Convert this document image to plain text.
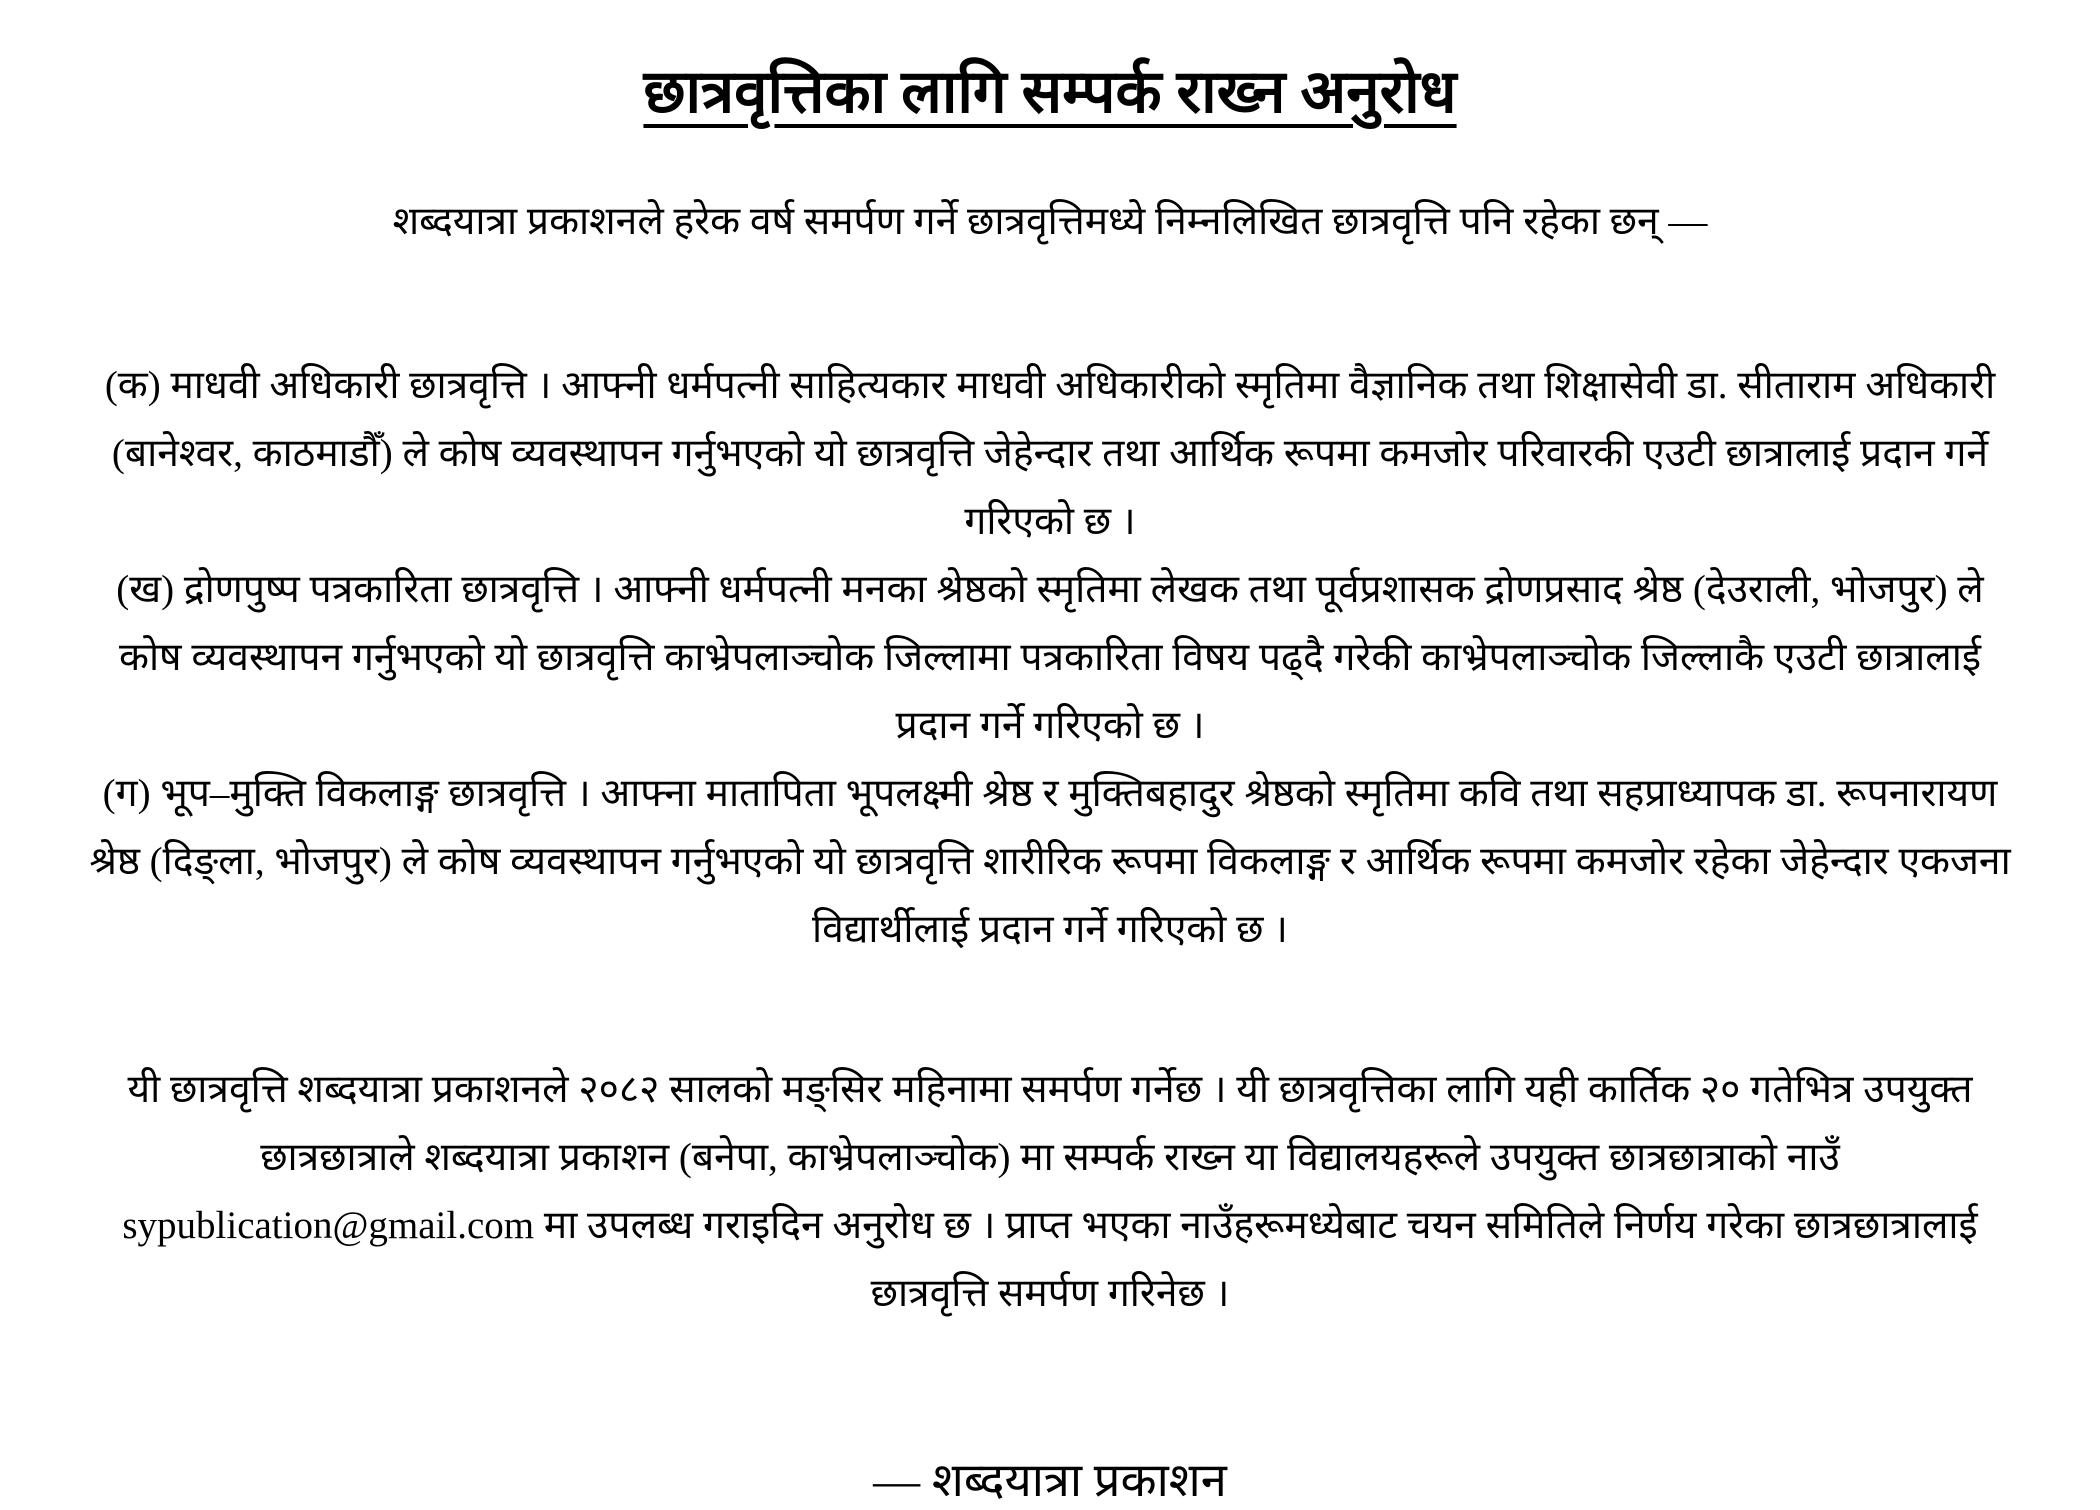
छात्रवृत्तिका लागि सम्पर्क राख्न अनुरोध

शब्दयात्रा प्रकाशनले हरेक वर्ष समर्पण गर्ने छात्रवृत्तिमध्ये निम्नलिखित छात्रवृत्ति पनि रहेका छन् —

(क) माधवी अधिकारी छात्रवृत्ति । आफ्नी धर्मपत्नी साहित्यकार माधवी अधिकारीको स्मृतिमा वैज्ञानिक तथा शिक्षासेवी डा. सीताराम अधिकारी (बानेश्वर, काठमाडौँ) ले कोष व्यवस्थापन गर्नुभएको यो छात्रवृत्ति जेहेन्दार तथा आर्थिक रूपमा कमजोर परिवारकी एउटी छात्रालाई प्रदान गर्ने गरिएको छ ।

(ख) द्रोणपुष्प पत्रकारिता छात्रवृत्ति । आफ्नी धर्मपत्नी मनका श्रेष्ठको स्मृतिमा लेखक तथा पूर्वप्रशासक द्रोणप्रसाद श्रेष्ठ (देउराली, भोजपुर) ले कोष व्यवस्थापन गर्नुभएको यो छात्रवृत्ति काभ्रेपलाञ्चोक जिल्लामा पत्रकारिता विषय पढ्दै गरेकी काभ्रेपलाञ्चोक जिल्लाकै एउटी छात्रालाई प्रदान गर्ने गरिएको छ ।

(ग) भूप–मुक्ति विकलाङ्ग छात्रवृत्ति । आफ्ना मातापिता भूपलक्ष्मी श्रेष्ठ र मुक्तिबहादुर श्रेष्ठको स्मृतिमा कवि तथा सहप्राध्यापक डा. रूपनारायण श्रेष्ठ (दिङ्ला, भोजपुर) ले कोष व्यवस्थापन गर्नुभएको यो छात्रवृत्ति शारीरिक रूपमा विकलाङ्ग र आर्थिक रूपमा कमजोर रहेका जेहेन्दार एकजना विद्यार्थीलाई प्रदान गर्ने गरिएको छ ।

यी छात्रवृत्ति शब्दयात्रा प्रकाशनले २०८२ सालको मङ्सिर महिनामा समर्पण गर्नेछ । यी छात्रवृत्तिका लागि यही कार्तिक २० गतेभित्र उपयुक्त छात्रछात्राले शब्दयात्रा प्रकाशन (बनेपा, काभ्रेपलाञ्चोक) मा सम्पर्क राख्न या विद्यालयहरूले उपयुक्त छात्रछात्राको नाउँ sypublication@gmail.com मा उपलब्ध गराइदिन अनुरोध छ । प्राप्त भएका नाउँहरूमध्येबाट चयन समितिले निर्णय गरेका छात्रछात्रालाई छात्रवृत्ति समर्पण गरिनेछ ।

— शब्दयात्रा प्रकाशन
